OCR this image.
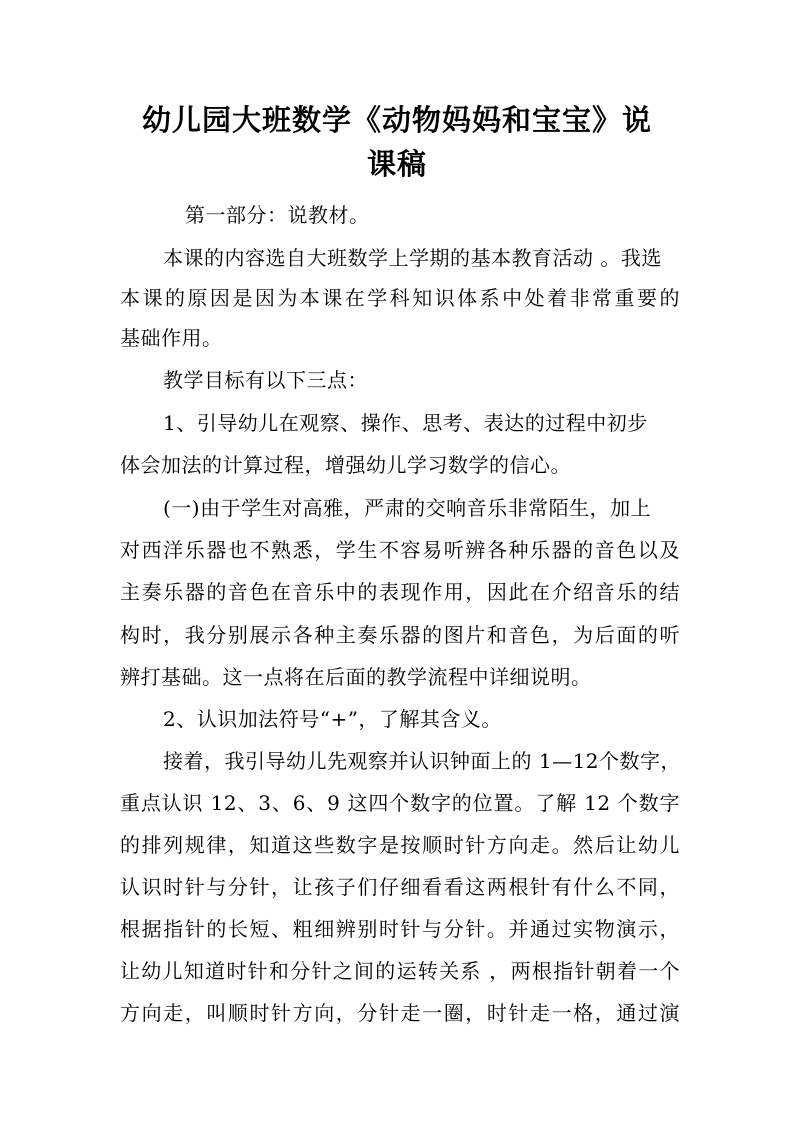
幼儿园大班数学《动物妈妈和宝宝》说
课稿
第一部分：说教材。
本课的内容选自大班数学上学期的基本教育活动 。我选
本课的原因是因为本课在学科知识体系中处着非常重要的
基础作用。
教学目标有以下三点：
1、引导幼儿在观察、操作、思考、表达的过程中初步
体会加法的计算过程，增强幼儿学习数学的信心。
(一)由于学生对高雅，严肃的交响音乐非常陌生，加上
对西洋乐器也不熟悉，学生不容易听辨各种乐器的音色以及
主奏乐器的音色在音乐中的表现作用，因此在介绍音乐的结
构时，我分别展示各种主奏乐器的图片和音色，为后面的听
辨打基础。这一点将在后面的教学流程中详细说明。
2、认识加法符号“+”，了解其含义。
接着，我引导幼儿先观察并认识钟面上的 1—12个数字，
重点认识 12、3、6、9 这四个数字的位置。了解 12 个数字
的排列规律，知道这些数字是按顺时针方向走。然后让幼儿
认识时针与分针，让孩子们仔细看看这两根针有什么不同，
根据指针的长短、粗细辨别时针与分针。并通过实物演示，
让幼儿知道时针和分针之间的运转关系 ，两根指针朝着一个
方向走，叫顺时针方向，分针走一圈，时针走一格，通过演
